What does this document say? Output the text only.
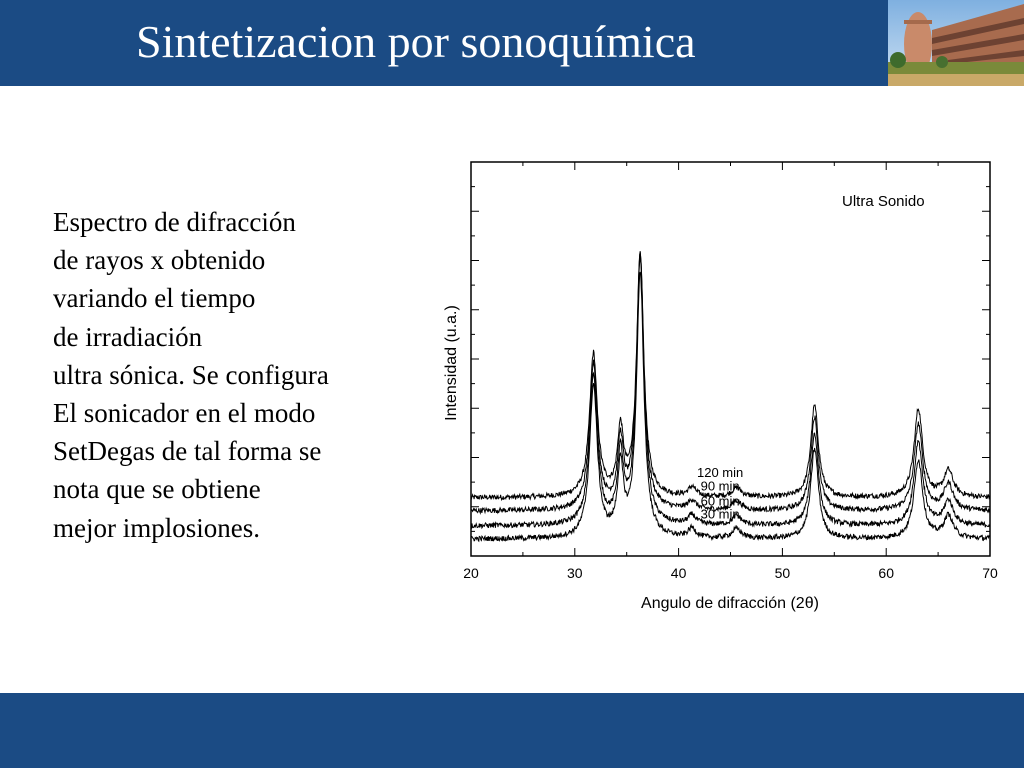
Sintetizacion por sonoquímica
Espectro de difracción
de rayos x obtenido
variando el tiempo
de irradiación
ultra sónica. Se configura
El sonicador en el modo
SetDegas de tal forma se
nota que se obtiene
mejor implosiones.
Ultra Sonido
Angulo de difracción (2θ)
Intensidad (u.a.)
20	30	40	50	60	70
120 min
90 min
60 min
30 min
